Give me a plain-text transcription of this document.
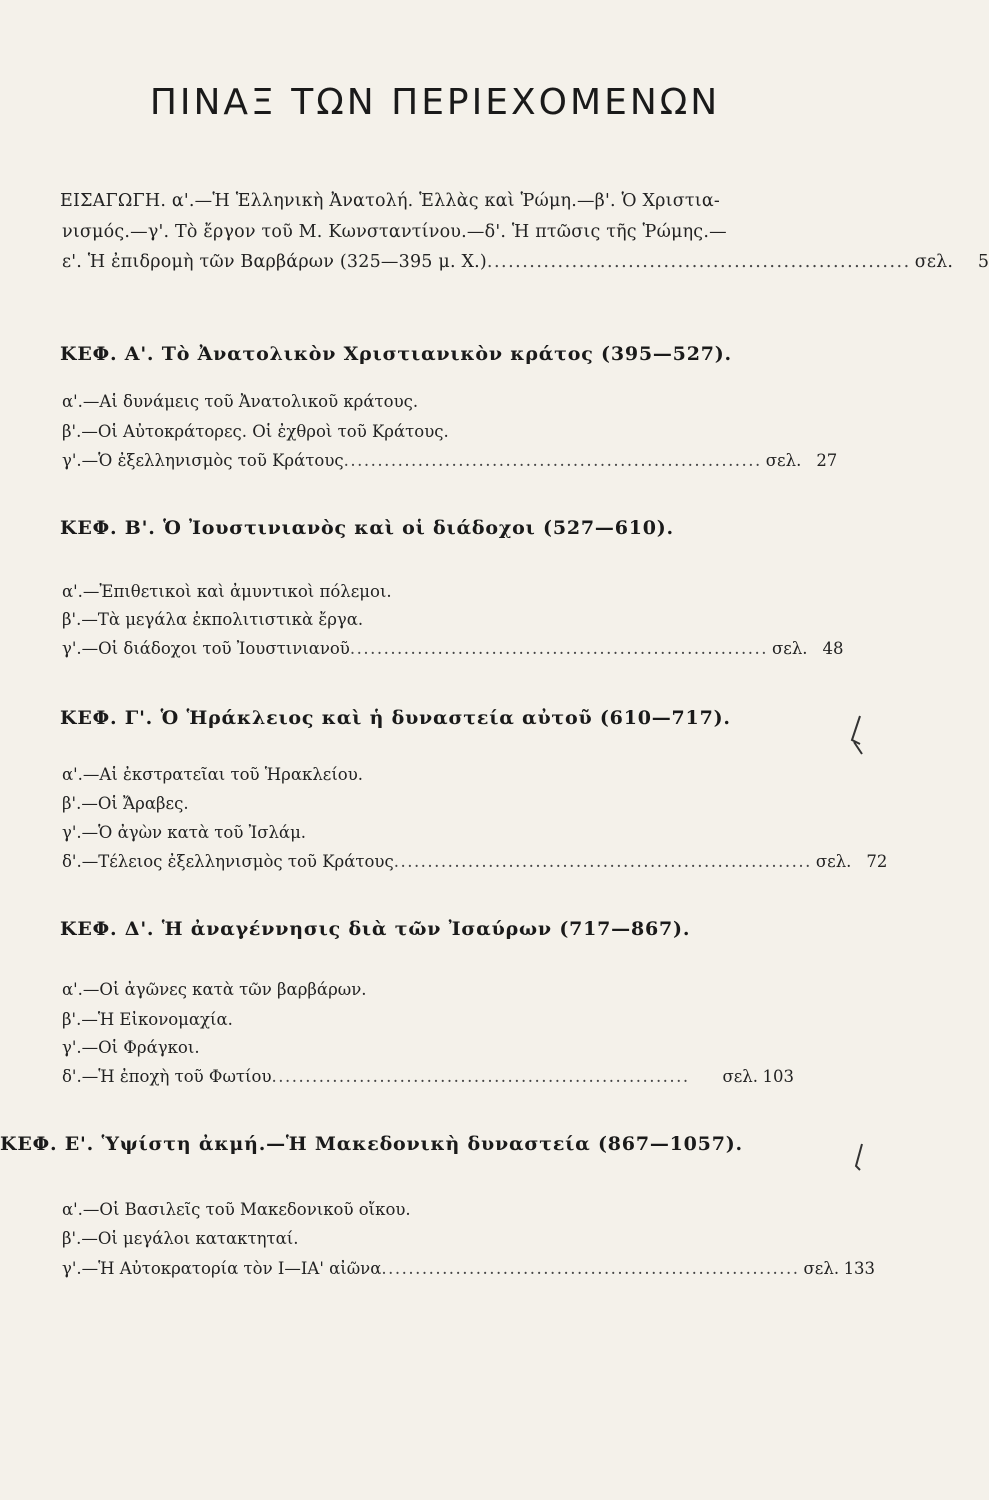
ΠΙΝΑΞ ΤΩΝ ΠΕΡΙΕΧΟΜΕΝΩΝ
ΕΙΣΑΓΩΓΗ. α'.—Ἡ Ἑλληνικὴ Ἀνατολή. Ἑλλὰς καὶ Ῥώμη.—β'. Ὁ Χριστια-
νισμός.—γ'. Τὸ ἔργον τοῦ Μ. Κωνσταντίνου.—δ'. Ἡ πτῶσις τῆς Ῥώμης.—
ε'. Ἡ ἐπιδρομὴ τῶν Βαρβάρων (325—395 μ. Χ.) ............................................................ σελ. 5
ΚΕΦ. Α'. Τὸ Ἀνατολικὸν Χριστιανικὸν κράτος (395—527).
α'.—Αἱ δυνάμεις τοῦ Ἀνατολικοῦ κράτους.
β'.—Οἱ Αὐτοκράτορες. Οἱ ἐχθροὶ τοῦ Κράτους.
γ'.—Ὁ ἐξελληνισμὸς τοῦ Κράτους .............................................................. σελ. 27
ΚΕΦ. Β'. Ὁ Ἰουστινιανὸς καὶ οἱ διάδοχοι (527—610).
α'.—Ἐπιθετικοὶ καὶ ἀμυντικοὶ πόλεμοι.
β'.—Τὰ μεγάλα ἐκπολιτιστικὰ ἔργα.
γ'.—Οἱ διάδοχοι τοῦ Ἰουστινιανοῦ .............................................................. σελ. 48
ΚΕΦ. Γ'. Ὁ Ἡράκλειος καὶ ἡ δυναστεία αὐτοῦ (610—717).
α'.—Αἱ ἐκστρατεῖαι τοῦ Ἡρακλείου.
β'.—Οἱ Ἄραβες.
γ'.—Ὁ ἀγὼν κατὰ τοῦ Ἰσλάμ.
δ'.—Τέλειος ἐξελληνισμὸς τοῦ Κράτους .............................................................. σελ. 72
ΚΕΦ. Δ'. Ἡ ἀναγέννησις διὰ τῶν Ἰσαύρων (717—867).
α'.—Οἱ ἀγῶνες κατὰ τῶν βαρβάρων.
β'.—Ἡ Εἰκονομαχία.
γ'.—Οἱ Φράγκοι.
δ'.—Ἡ ἐποχὴ τοῦ Φωτίου ..............................................................	σελ. 103
ΚΕΦ. Ε'. Ὑψίστη ἀκμή.—Ἡ Μακεδονικὴ δυναστεία (867—1057).
α'.—Οἱ Βασιλεῖς τοῦ Μακεδονικοῦ οἴκου.
β'.—Οἱ μεγάλοι κατακτηταί.
γ'.—Ἡ Αὐτοκρατορία τὸν Ι—ΙΑ' αἰῶνα .............................................................. σελ. 133
